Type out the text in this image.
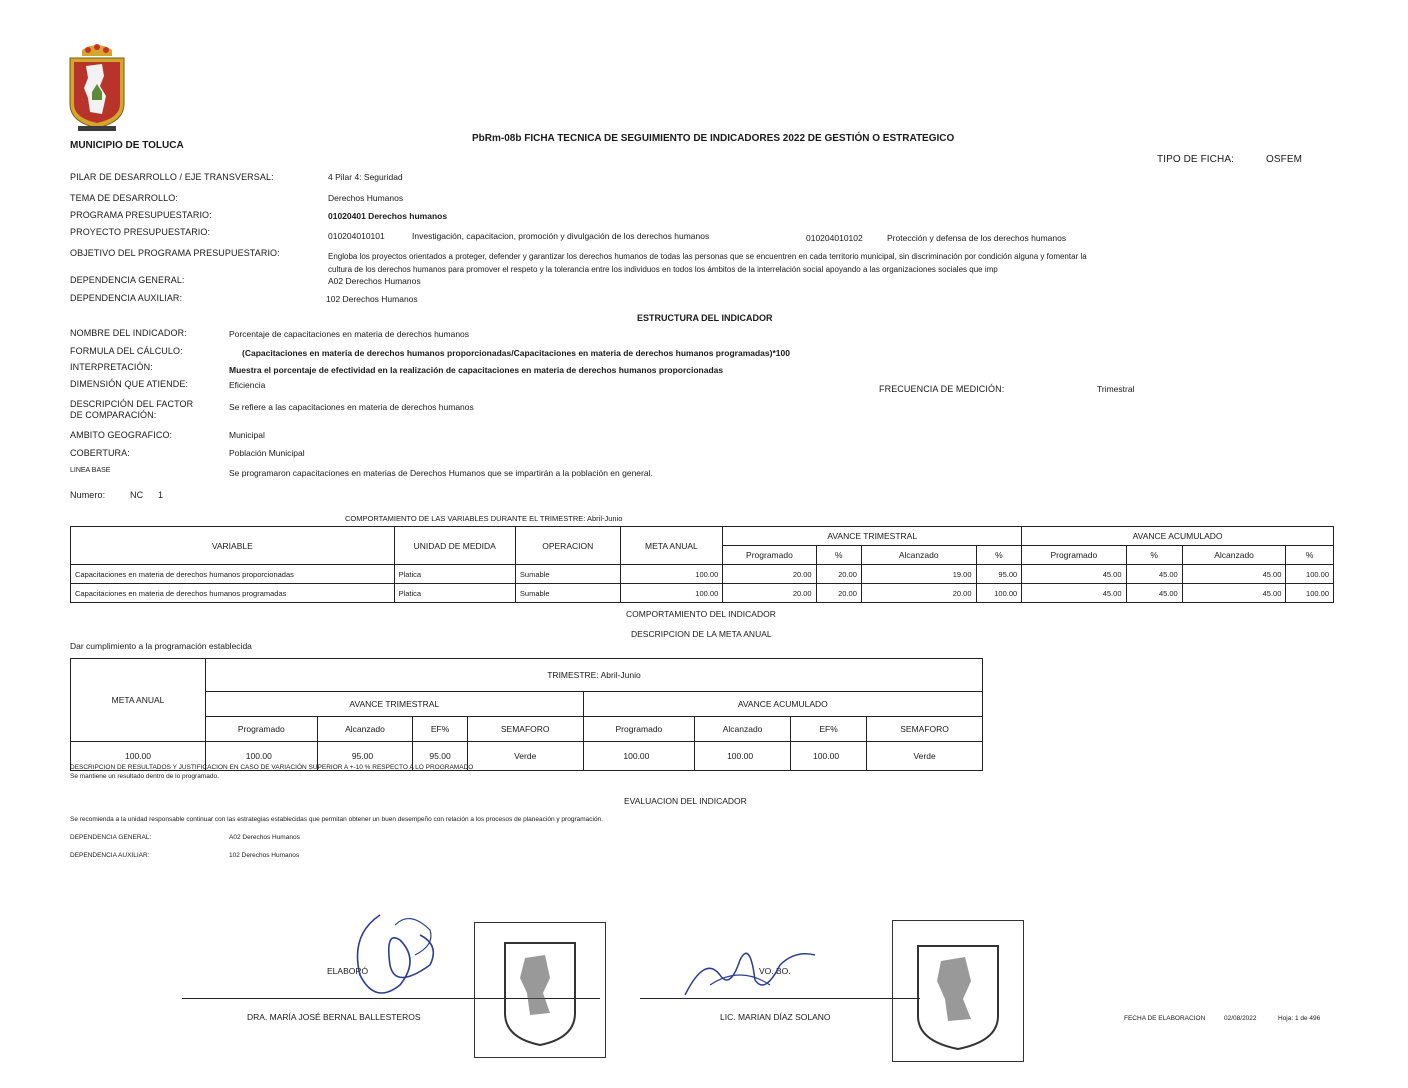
MUNICIPIO DE TOLUCA
PbRm-08b FICHA TECNICA DE SEGUIMIENTO DE INDICADORES 2022 DE GESTIÓN O ESTRATEGICO
TIPO DE FICHA:	OSFEM
PILAR DE DESARROLLO / EJE TRANSVERSAL:	4 Pilar 4: Seguridad
TEMA DE DESARROLLO:	Derechos Humanos
PROGRAMA PRESUPUESTARIO:	01020401 Derechos humanos
PROYECTO PRESUPUESTARIO:	010204010101	Investigación, capacitacion, promoción y divulgación de los derechos humanos	010204010102	Protección y defensa de los derechos humanos
OBJETIVO DEL PROGRAMA PRESUPUESTARIO:	Engloba los proyectos orientados a proteger, defender y garantizar los derechos humanos de todas las personas que se encuentren en cada territorio municipal, sin discriminación por condición alguna y fomentar la
cultura de los derechos humanos para promover el respeto y la tolerancia entre los individuos en todos los ámbitos de la interrelación social apoyando a las organizaciones sociales que imp
DEPENDENCIA GENERAL:	A02 Derechos Humanos
DEPENDENCIA AUXILIAR:	102 Derechos Humanos
ESTRUCTURA DEL INDICADOR
NOMBRE DEL INDICADOR:	Porcentaje de capacitaciones en materia de derechos humanos
FORMULA DEL CÁLCULO:	(Capacitaciones en materia de derechos humanos proporcionadas/Capacitaciones en materia de derechos humanos programadas)*100
INTERPRETACIÓN:	Muestra el porcentaje de efectividad en la realización de capacitaciones en materia de derechos humanos proporcionadas
DIMENSIÓN QUE ATIENDE:	Eficiencia	FRECUENCIA DE MEDICIÓN:	Trimestral
DESCRIPCIÓN DEL FACTOR
DE COMPARACIÓN:
Se refiere a las capacitaciones en materia de derechos humanos
AMBITO GEOGRAFICO:	Municipal
COBERTURA:	Población Municipal
LINEA BASE	Se programaron capacitaciones en materias de Derechos Humanos que se impartirán a la población en general.
Numero:	NC 1
COMPORTAMIENTO DE LAS VARIABLES DURANTE EL TRIMESTRE: Abril-Junio
VARIABLE	UNIDAD DE MEDIDA	OPERACION	META ANUAL	AVANCE TRIMESTRAL				AVANCE ACUMULADO			
				Programado	%	Alcanzado	%	Programado	%	Alcanzado	%
Capacitaciones en materia de derechos humanos proporcionadas	Platica	Sumable	100.00	20.00	20.00	19.00	95.00	45.00	45.00	45.00	100.00
Capacitaciones en materia de derechos humanos programadas	Platica	Sumable	100.00	20.00	20.00	20.00	100.00	45.00	45.00	45.00	100.00
COMPORTAMIENTO DEL INDICADOR
DESCRIPCION DE LA META ANUAL
Dar cumplimiento a la programación establecida
META ANUAL	TRIMESTRE: Abril-Junio							
	AVANCE TRIMESTRAL				AVANCE ACUMULADO			
	Programado	Alcanzado	EF%	SEMAFORO	Programado	Alcanzado	EF%	SEMAFORO
100.00	100.00	95.00	95.00	Verde	100.00	100.00	100.00	Verde
DESCRIPCION DE RESULTADOS Y JUSTIFICACION EN CASO DE VARIACIÓN SUPERIOR A +-10 % RESPECTO A LO PROGRAMADO
Se mantiene un resultado dentro de lo programado.
EVALUACION DEL INDICADOR
Se recomienda a la unidad responsable continuar con las estrategias establecidas que permitan obtener un buen desempeño con relación a los procesos de planeación y programación.
DEPENDENCIA GENERAL:	A02 Derechos Humanos
DEPENDENCIA AUXILIAR:	102 Derechos Humanos
ELABORÓ
DRA. MARÍA JOSÉ BERNAL BALLESTEROS
VO. BO.
LIC. MARIAN DÍAZ SOLANO	FECHA DE ELABORACION	02/08/2022	Hoja: 1 de 496
